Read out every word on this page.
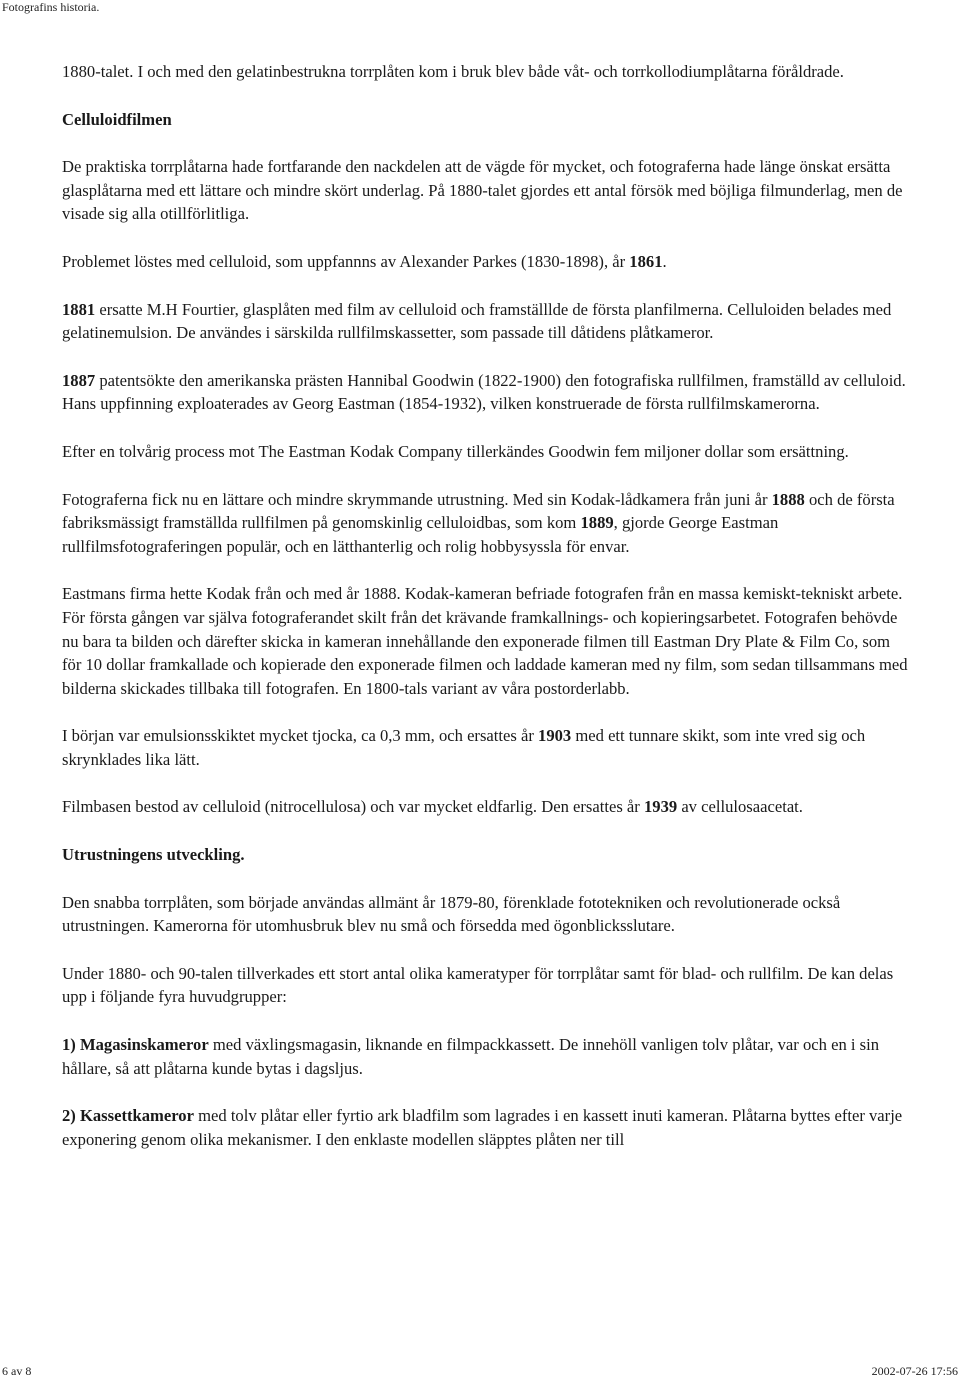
Fotografins historia.

1880-talet. I och med den gelatinbestrukna torrplåten kom i bruk blev både våt- och torrkollodiumplåtarna föråldrade.

Celluloidfilmen

De praktiska torrplåtarna hade fortfarande den nackdelen att de vägde för mycket, och fotograferna hade länge önskat ersätta glasplåtarna med ett lättare och mindre skört underlag. På 1880-talet gjordes ett antal försök med böjliga filmunderlag, men de visade sig alla otillförlitliga.

Problemet löstes med celluloid, som uppfannns av Alexander Parkes (1830-1898), år 1861.

1881 ersatte M.H Fourtier, glasplåten med film av celluloid och framställlde de första planfilmerna. Celluloiden belades med gelatinemulsion. De användes i särskilda rullfilmskassetter, som passade till dåtidens plåtkameror.

1887 patentsökte den amerikanska prästen Hannibal Goodwin (1822-1900) den fotografiska rullfilmen, framställd av celluloid. Hans uppfinning exploaterades av Georg Eastman (1854-1932), vilken konstruerade de första rullfilmskamerorna.

Efter en tolvårig process mot The Eastman Kodak Company tillerkändes Goodwin fem miljoner dollar som ersättning.

Fotograferna fick nu en lättare och mindre skrymmande utrustning. Med sin Kodak-lådkamera från juni år 1888 och de första fabriksmässigt framställda rullfilmen på genomskinlig celluloidbas, som kom 1889, gjorde George Eastman rullfilmsfotograferingen populär, och en lätthanterlig och rolig hobbysyssla för envar.

Eastmans firma hette Kodak från och med år 1888. Kodak-kameran befriade fotografen från en massa kemiskt-tekniskt arbete. För första gången var själva fotograferandet skilt från det krävande framkallnings- och kopieringsarbetet. Fotografen behövde nu bara ta bilden och därefter skicka in kameran innehållande den exponerade filmen till Eastman Dry Plate & Film Co, som för 10 dollar framkallade och kopierade den exponerade filmen och laddade kameran med ny film, som sedan tillsammans med bilderna skickades tillbaka till fotografen. En 1800-tals variant av våra postorderlabb.

I början var emulsionsskiktet mycket tjocka, ca 0,3 mm, och ersattes år 1903 med ett tunnare skikt, som inte vred sig och skrynklades lika lätt.

Filmbasen bestod av celluloid (nitrocellulosa) och var mycket eldfarlig. Den ersattes år 1939 av cellulosaacetat.

Utrustningens utveckling.

Den snabba torrplåten, som började användas allmänt år 1879-80, förenklade fototekniken och revolutionerade också utrustningen. Kamerorna för utomhusbruk blev nu små och försedda med ögonblicksslutare.

Under 1880- och 90-talen tillverkades ett stort antal olika kameratyper för torrplåtar samt för blad- och rullfilm. De kan delas upp i följande fyra huvudgrupper:

1) Magasinskameror med växlingsmagasin, liknande en filmpackkassett. De innehöll vanligen tolv plåtar, var och en i sin hållare, så att plåtarna kunde bytas i dagsljus.

2) Kassettkameror med tolv plåtar eller fyrtio ark bladfilm som lagrades i en kassett inuti kameran. Plåtarna byttes efter varje exponering genom olika mekanismer. I den enklaste modellen släpptes plåten ner till

6 av 8	2002-07-26 17:56
